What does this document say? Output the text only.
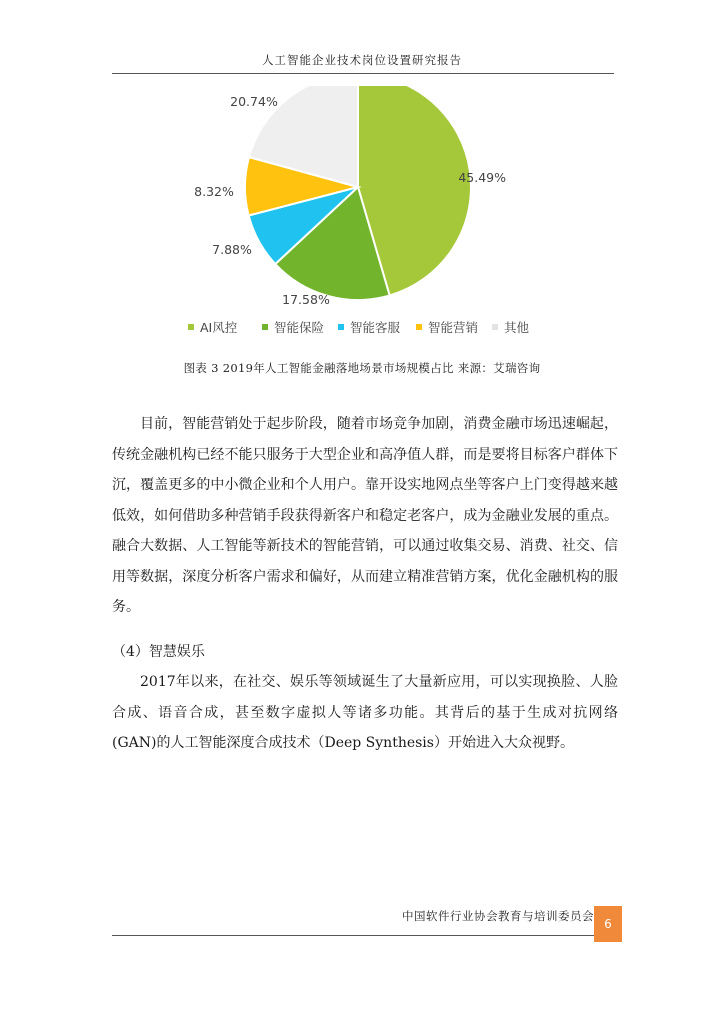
人工智能企业技术岗位设置研究报告
45.49%
17.58%
7.88%
8.32%
20.74%
AI风控	智能保险 智能客服 智能营销 其他
图表 3 2019年人工智能金融落地场景市场规模占比 来源：艾瑞咨询
目前，智能营销处于起步阶段，随着市场竞争加剧，消费金融市场迅速崛起，传统金融机构已经不能只服务于大型企业和高净值人群，而是要将目标客户群体下沉，覆盖更多的中小微企业和个人用户。靠开设实地网点坐等客户上门变得越来越低效，如何借助多种营销手段获得新客户和稳定老客户，成为金融业发展的重点。融合大数据、人工智能等新技术的智能营销，可以通过收集交易、消费、社交、信用等数据，深度分析客户需求和偏好，从而建立精准营销方案，优化金融机构的服务。
（4）智慧娱乐
2017年以来，在社交、娱乐等领域诞生了大量新应用，可以实现换脸、人脸合成、语音合成，甚至数字虚拟人等诸多功能。其背后的基于生成对抗网络(GAN)的人工智能深度合成技术（Deep Synthesis）开始进入大众视野。
中国软件行业协会教育与培训委员会
6
